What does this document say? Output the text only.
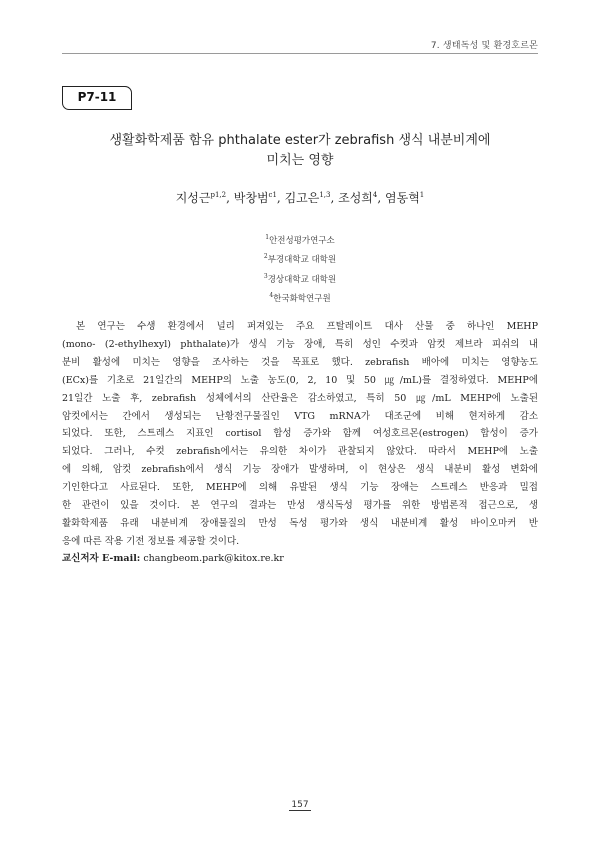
7. 생태독성 및 환경호르몬
P7-11
생활화학제품 함유 phthalate ester가 zebrafish 생식 내분비계에
미치는 영향
지성근$^{p1,2}$, 박창범$^{c1}$, 김고은$^{1,3}$, 조성희$^4$, 염동혁$^1$
$^1$안전성평가연구소
$^2$부경대학교 대학원
$^3$경상대학교 대학원
$^4$한국화학연구원
본 연구는 수생 환경에서 널리 퍼져있는 주요 프탈레이트 대사 산물 중 하나인 MEHP
(mono- (2-ethylhexyl) phthalate)가 생식 기능 장애, 특히 성인 수컷과 암컷 제브라 피쉬의 내
분비 활성에 미치는 영향을 조사하는 것을 목표로 했다. zebrafish 배아에 미치는 영향농도
(ECx)를 기초로 21일간의 MEHP의 노출 농도(0, 2, 10 및 50 ㎍/mL)를 결정하였다. MEHP에
21일간 노출 후, zebrafish 성체에서의 산란율은 감소하였고, 특히 50 ㎍/mL MEHP에 노출된
암컷에서는 간에서 생성되는 난황전구물질인 VTG mRNA가 대조군에 비해 현저하게 감소
되었다. 또한, 스트레스 지표인 cortisol 합성 증가와 함께 여성호르몬(estrogen) 합성이 증가
되었다. 그러나, 수컷 zebrafish에서는 유의한 차이가 관찰되지 않았다. 따라서 MEHP에 노출
에 의해, 암컷 zebrafish에서 생식 기능 장애가 발생하며, 이 현상은 생식 내분비 활성 변화에
기인한다고 사료된다. 또한, MEHP에 의해 유발된 생식 기능 장애는 스트레스 반응과 밀접
한 관련이 있을 것이다. 본 연구의 결과는 만성 생식독성 평가를 위한 방법론적 접근으로, 생
활화학제품 유래 내분비계 장애물질의 만성 독성 평가와 생식 내분비계 활성 바이오마커 반
응에 따른 작용 기전 정보를 제공할 것이다.
교신저자 E-mail: changbeom.park@kitox.re.kr
157
